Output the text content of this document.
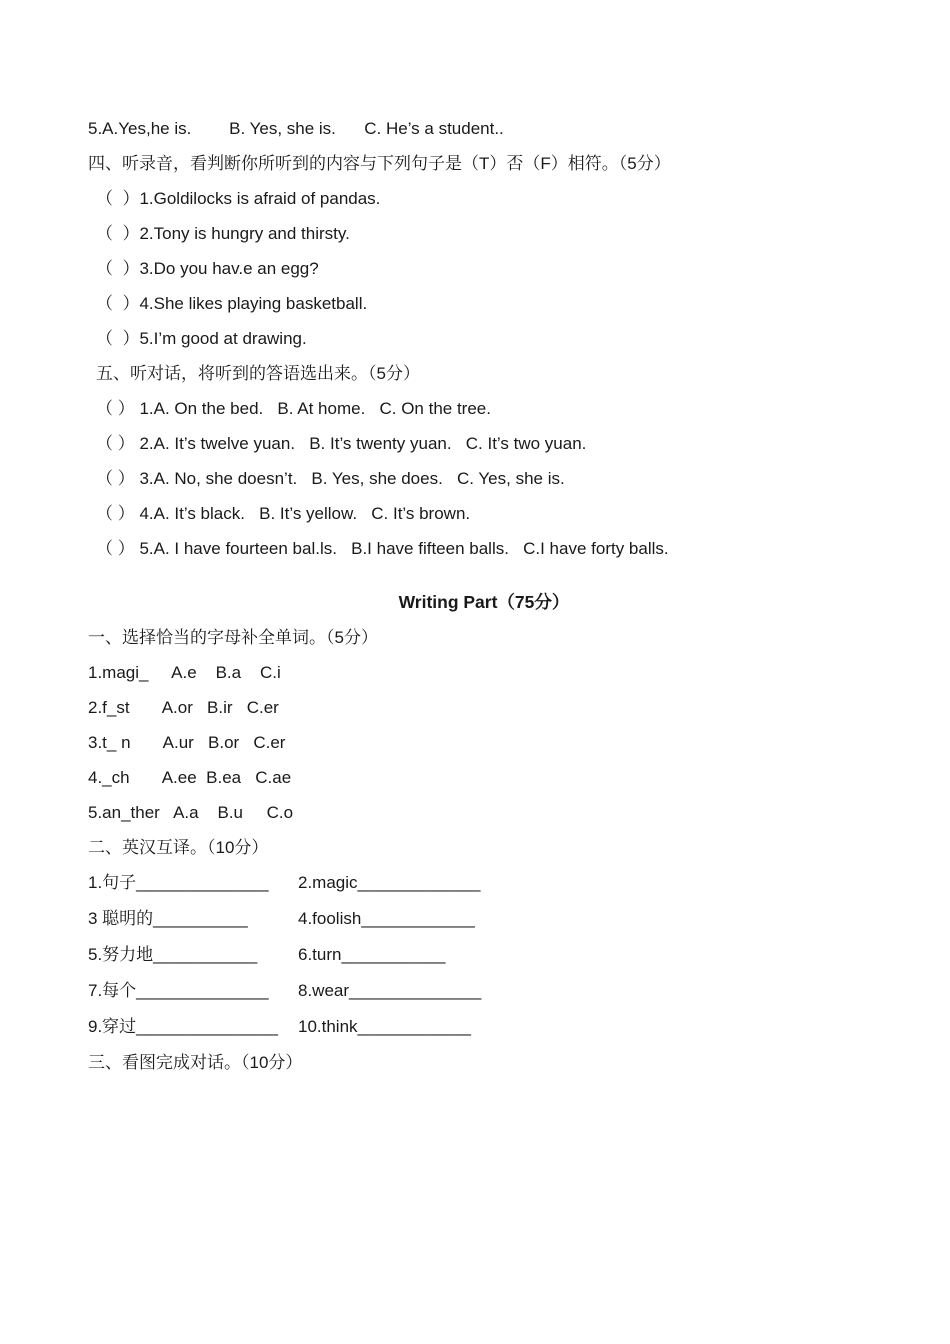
5.A.Yes,he is.        B. Yes, she is.      C. He’s a student..

四、听录音，看判断你所听到的内容与下列句子是（T）否（F）相符。（5分）

（  ）1.Goldilocks is afraid of pandas.

（  ）2.Tony is hungry and thirsty.

（  ）3.Do you hav.e an egg?

（  ）4.She likes playing basketball.

（  ）5.I’m good at drawing.

五、听对话，将听到的答语选出来。（5分）

（ ） 1.A. On the bed.   B. At home.   C. On the tree.

（ ） 2.A. It’s twelve yuan.   B. It’s twenty yuan.   C. It’s two yuan.

（ ） 3.A. No, she doesn’t.   B. Yes, she does.   C. Yes, she is.

（ ） 4.A. It’s black.   B. It’s yellow.   C. It’s brown.

（ ） 5.A. I have fourteen bal.ls.   B.I have fifteen balls.   C.I have forty balls.

Writing Part（75分）

一、选择恰当的字母补全单词。（5分）

1.magi_     A.e    B.a    C.i

2.f_st       A.or   B.ir   C.er

3.t_ n       A.ur   B.or   C.er

4._ch       A.ee  B.ea   C.ae

5.an_ther   A.a    B.u     C.o

二、英汉互译。（10分）

1.句子______________	2.magic_____________
3 聪明的__________	4.foolish____________
5.努力地___________	6.turn___________
7.每个______________	8.wear______________
9.穿过_______________	10.think____________

三、看图完成对话。（10分）
